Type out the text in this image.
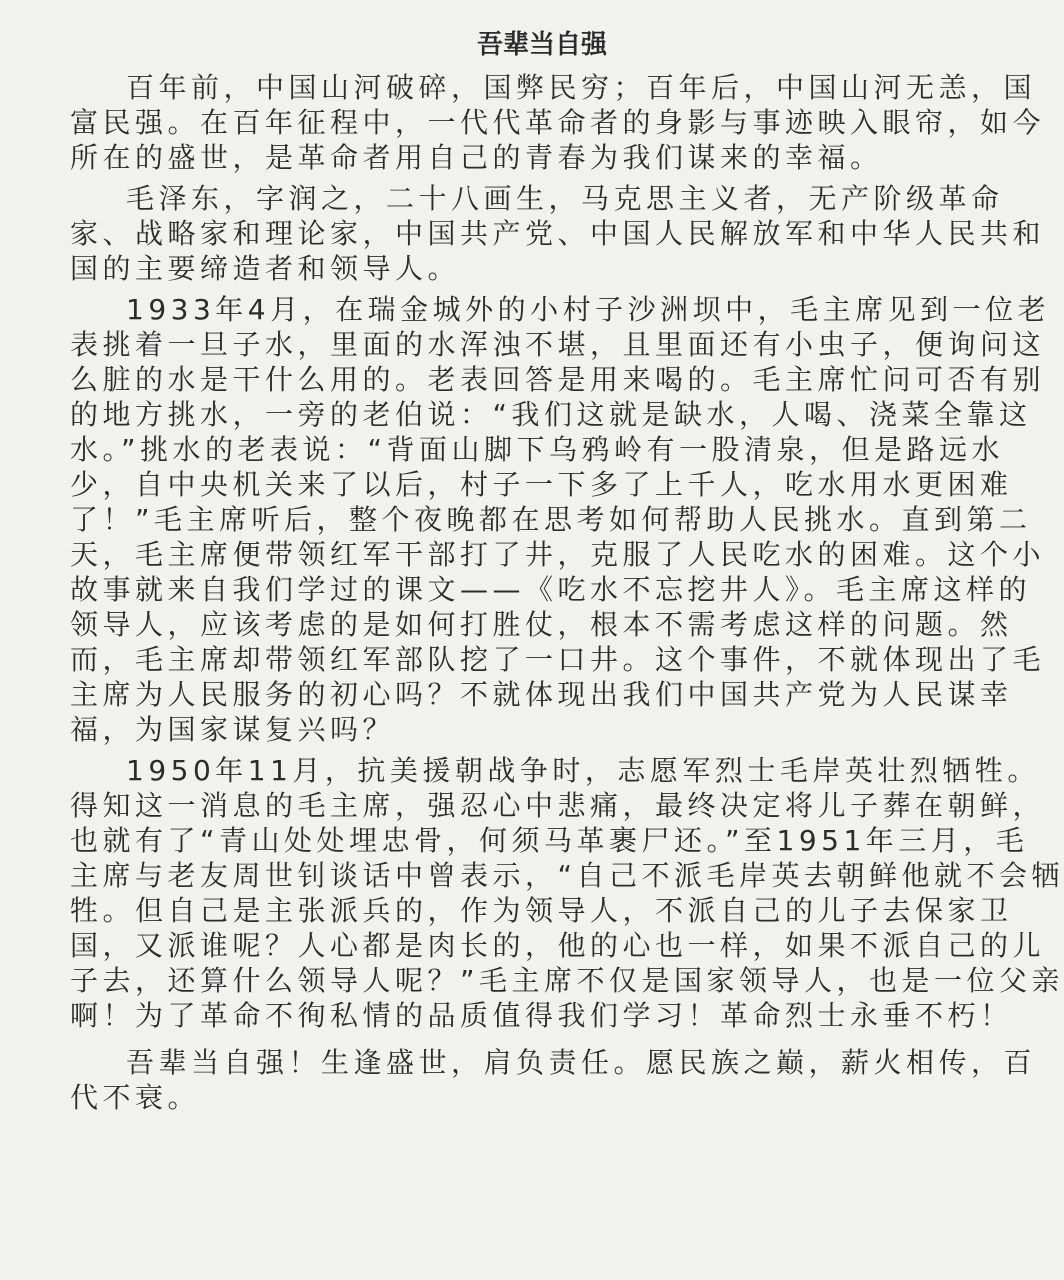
吾辈当自强
百年前，中国山河破碎，国弊民穷；百年后，中国山河无恙，国
富民强。在百年征程中，一代代革命者的身影与事迹映入眼帘，如今
所在的盛世，是革命者用自己的青春为我们谋来的幸福。
毛泽东，字润之，二十八画生，马克思主义者，无产阶级革命
家、战略家和理论家，中国共产党、中国人民解放军和中华人民共和
国的主要缔造者和领导人。
1933年4月，在瑞金城外的小村子沙洲坝中，毛主席见到一位老
表挑着一旦子水，里面的水浑浊不堪，且里面还有小虫子，便询问这
么脏的水是干什么用的。老表回答是用来喝的。毛主席忙问可否有别
的地方挑水，一旁的老伯说：“我们这就是缺水，人喝、浇菜全靠这
水。”挑水的老表说：“背面山脚下乌鸦岭有一股清泉，但是路远水
少，自中央机关来了以后，村子一下多了上千人，吃水用水更困难
了！”毛主席听后，整个夜晚都在思考如何帮助人民挑水。直到第二
天，毛主席便带领红军干部打了井，克服了人民吃水的困难。这个小
故事就来自我们学过的课文——《吃水不忘挖井人》。毛主席这样的
领导人，应该考虑的是如何打胜仗，根本不需考虑这样的问题。然
而，毛主席却带领红军部队挖了一口井。这个事件，不就体现出了毛
主席为人民服务的初心吗？不就体现出我们中国共产党为人民谋幸
福，为国家谋复兴吗？
1950年11月，抗美援朝战争时，志愿军烈士毛岸英壮烈牺牲。
得知这一消息的毛主席，强忍心中悲痛，最终决定将儿子葬在朝鲜，
也就有了“青山处处埋忠骨，何须马革裹尸还。”至1951年三月，毛
主席与老友周世钊谈话中曾表示，“自己不派毛岸英去朝鲜他就不会牺
牲。但自己是主张派兵的，作为领导人，不派自己的儿子去保家卫
国，又派谁呢？人心都是肉长的，他的心也一样，如果不派自己的儿
子去，还算什么领导人呢？”毛主席不仅是国家领导人，也是一位父亲
啊！为了革命不徇私情的品质值得我们学习！革命烈士永垂不朽！
吾辈当自强！生逢盛世，肩负责任。愿民族之巅，薪火相传，百
代不衰。
